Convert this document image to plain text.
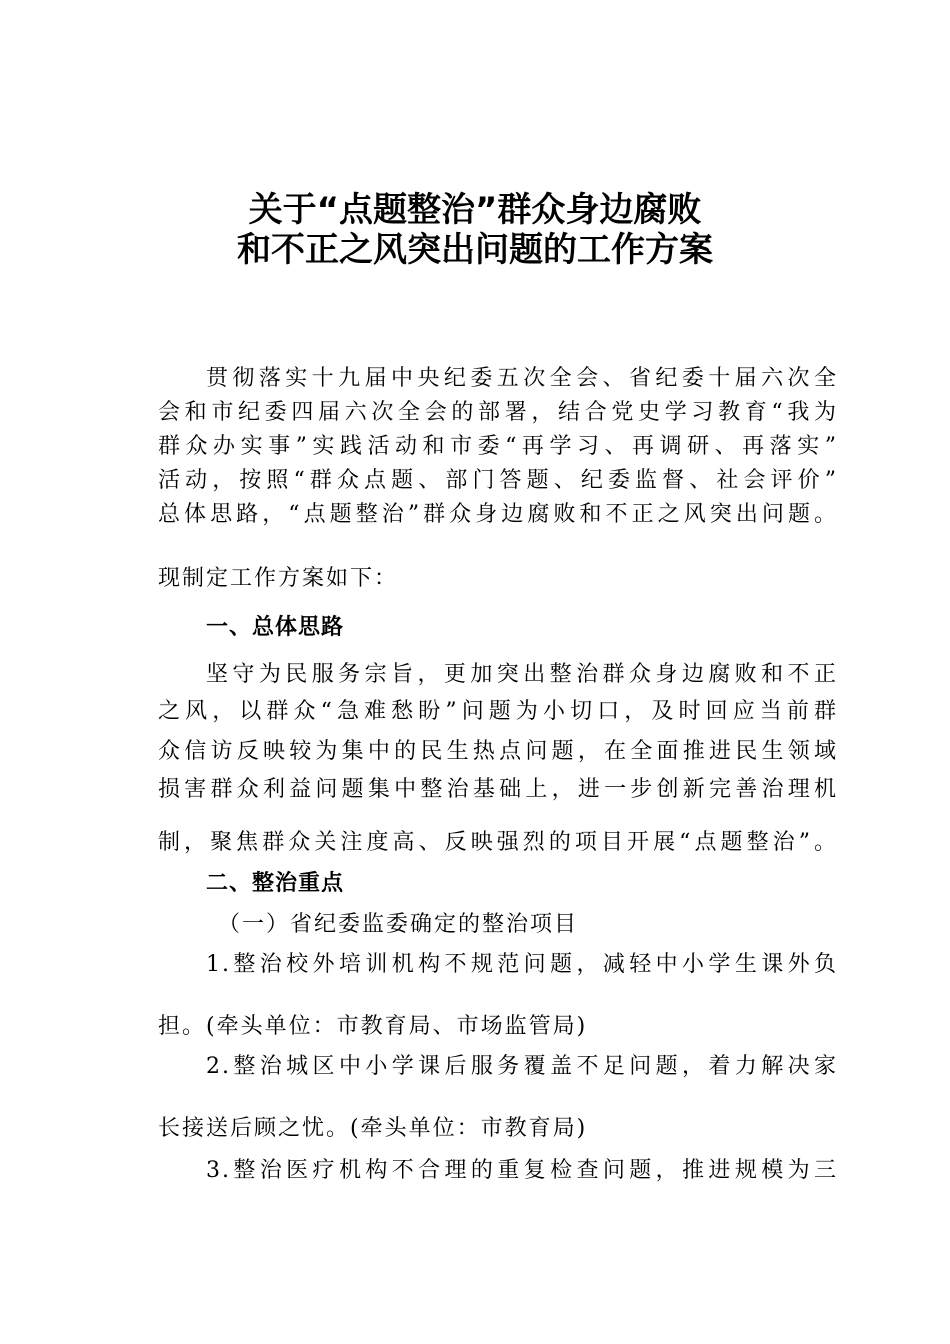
关于“点题整治”群众身边腐败
和不正之风突出问题的工作方案
贯彻落实十九届中央纪委五次全会、省纪委十届六次全
会和市纪委四届六次全会的部署，结合党史学习教育“我为
群众办实事”实践活动和市委“再学习、再调研、再落实”
活动，按照“群众点题、部门答题、纪委监督、社会评价”
总体思路，“点题整治”群众身边腐败和不正之风突出问题。
现制定工作方案如下：
一、总体思路
坚守为民服务宗旨，更加突出整治群众身边腐败和不正
之风，以群众“急难愁盼”问题为小切口，及时回应当前群
众信访反映较为集中的民生热点问题，在全面推进民生领域
损害群众利益问题集中整治基础上，进一步创新完善治理机
制，聚焦群众关注度高、反映强烈的项目开展“点题整治”。
二、整治重点
（一）省纪委监委确定的整治项目
1.整治校外培训机构不规范问题，减轻中小学生课外负
担。(牵头单位：市教育局、市场监管局)
2.整治城区中小学课后服务覆盖不足问题，着力解决家
长接送后顾之忧。(牵头单位：市教育局)
3.整治医疗机构不合理的重复检查问题，推进规模为三
